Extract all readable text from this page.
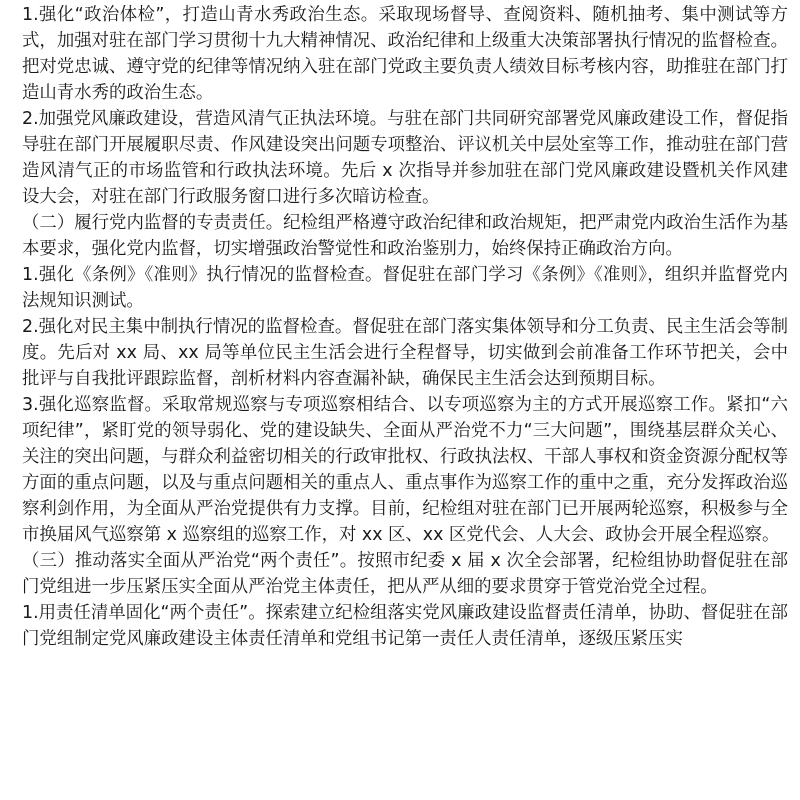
1.强化“政治体检”，打造山青水秀政治生态。采取现场督导、查阅资料、随机抽考、集中测试等方式，加强对驻在部门学习贯彻十九大精神情况、政治纪律和上级重大决策部署执行情况的监督检查。把对党忠诚、遵守党的纪律等情况纳入驻在部门党政主要负责人绩效目标考核内容，助推驻在部门打造山青水秀的政治生态。

2.加强党风廉政建设，营造风清气正执法环境。与驻在部门共同研究部署党风廉政建设工作，督促指导驻在部门开展履职尽责、作风建设突出问题专项整治、评议机关中层处室等工作，推动驻在部门营造风清气正的市场监管和行政执法环境。先后 x 次指导并参加驻在部门党风廉政建设暨机关作风建设大会，对驻在部门行政服务窗口进行多次暗访检查。

（二）履行党内监督的专责责任。纪检组严格遵守政治纪律和政治规矩，把严肃党内政治生活作为基本要求，强化党内监督，切实增强政治警觉性和政治鉴别力，始终保持正确政治方向。

1.强化《条例》《准则》执行情况的监督检查。督促驻在部门学习《条例》《准则》，组织并监督党内法规知识测试。

2.强化对民主集中制执行情况的监督检查。督促驻在部门落实集体领导和分工负责、民主生活会等制度。先后对 xx 局、xx 局等单位民主生活会进行全程督导，切实做到会前准备工作环节把关，会中批评与自我批评跟踪监督，剖析材料内容查漏补缺，确保民主生活会达到预期目标。

3.强化巡察监督。采取常规巡察与专项巡察相结合、以专项巡察为主的方式开展巡察工作。紧扣“六项纪律”，紧盯党的领导弱化、党的建设缺失、全面从严治党不力“三大问题”，围绕基层群众关心、关注的突出问题，与群众利益密切相关的行政审批权、行政执法权、干部人事权和资金资源分配权等方面的重点问题，以及与重点问题相关的重点人、重点事作为巡察工作的重中之重，充分发挥政治巡察利剑作用，为全面从严治党提供有力支撑。目前，纪检组对驻在部门已开展两轮巡察，积极参与全市换届风气巡察第 x 巡察组的巡察工作，对 xx 区、xx 区党代会、人大会、政协会开展全程巡察。

（三）推动落实全面从严治党“两个责任”。按照市纪委 x 届 x 次全会部署，纪检组协助督促驻在部门党组进一步压紧压实全面从严治党主体责任，把从严从细的要求贯穿于管党治党全过程。

1.用责任清单固化“两个责任”。探索建立纪检组落实党风廉政建设监督责任清单，协助、督促驻在部门党组制定党风廉政建设主体责任清单和党组书记第一责任人责任清单，逐级压紧压实
